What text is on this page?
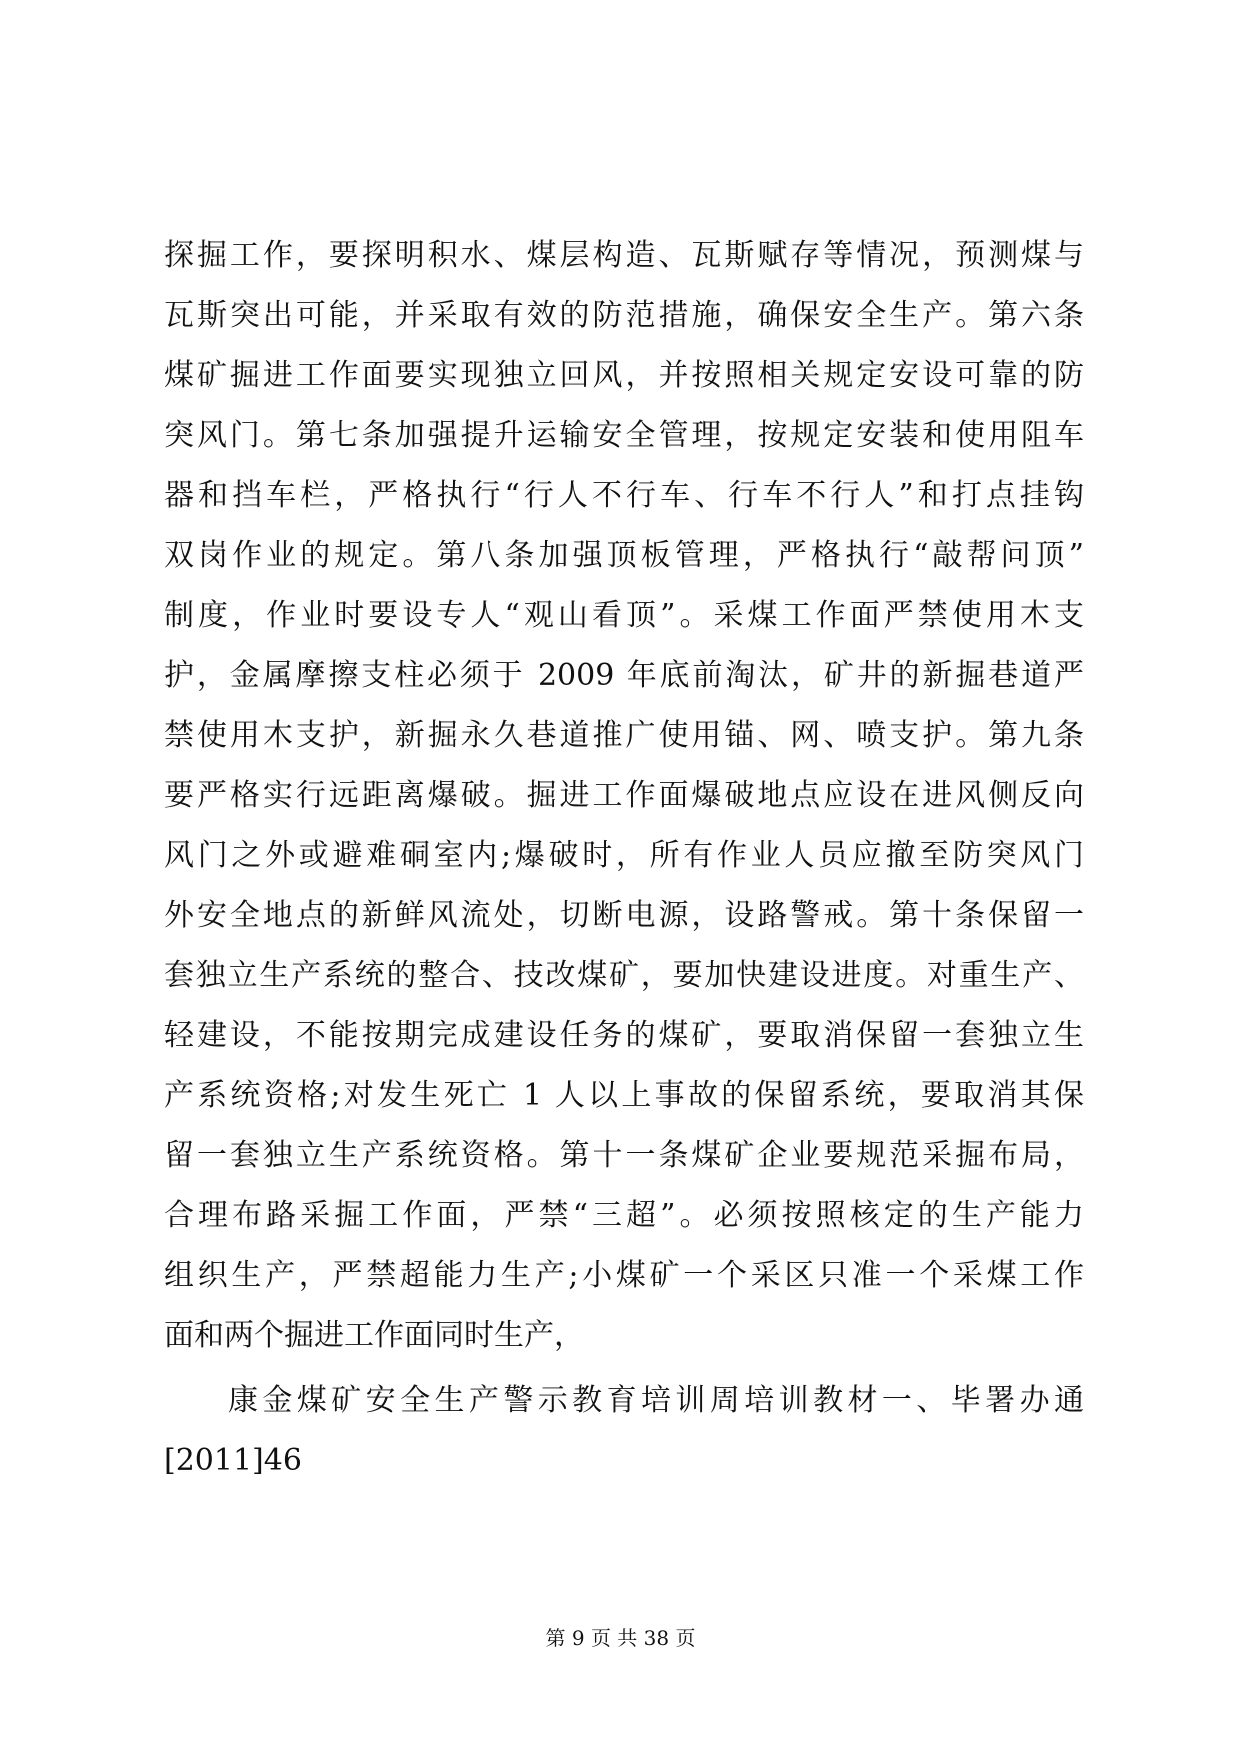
探掘工作，要探明积水、煤层构造、瓦斯赋存等情况，预测煤与
瓦斯突出可能，并采取有效的防范措施，确保安全生产。第六条
煤矿掘进工作面要实现独立回风，并按照相关规定安设可靠的防
突风门。第七条加强提升运输安全管理，按规定安装和使用阻车
器和挡车栏，严格执行“行人不行车、行车不行人”和打点挂钩
双岗作业的规定。第八条加强顶板管理，严格执行“敲帮问顶”
制度，作业时要设专人“观山看顶”。采煤工作面严禁使用木支
护，金属摩擦支柱必须于 2009 年底前淘汰，矿井的新掘巷道严
禁使用木支护，新掘永久巷道推广使用锚、网、喷支护。第九条
要严格实行远距离爆破。掘进工作面爆破地点应设在进风侧反向
风门之外或避难硐室内;爆破时，所有作业人员应撤至防突风门
外安全地点的新鲜风流处，切断电源，设路警戒。第十条保留一
套独立生产系统的整合、技改煤矿，要加快建设进度。对重生产、
轻建设，不能按期完成建设任务的煤矿，要取消保留一套独立生
产系统资格;对发生死亡 1 人以上事故的保留系统，要取消其保
留一套独立生产系统资格。第十一条煤矿企业要规范采掘布局，
合理布路采掘工作面，严禁“三超”。必须按照核定的生产能力
组织生产，严禁超能力生产;小煤矿一个采区只准一个采煤工作
面和两个掘进工作面同时生产，
康金煤矿安全生产警示教育培训周培训教材一、毕署办通
[2011]46
第 9 页 共 38 页
